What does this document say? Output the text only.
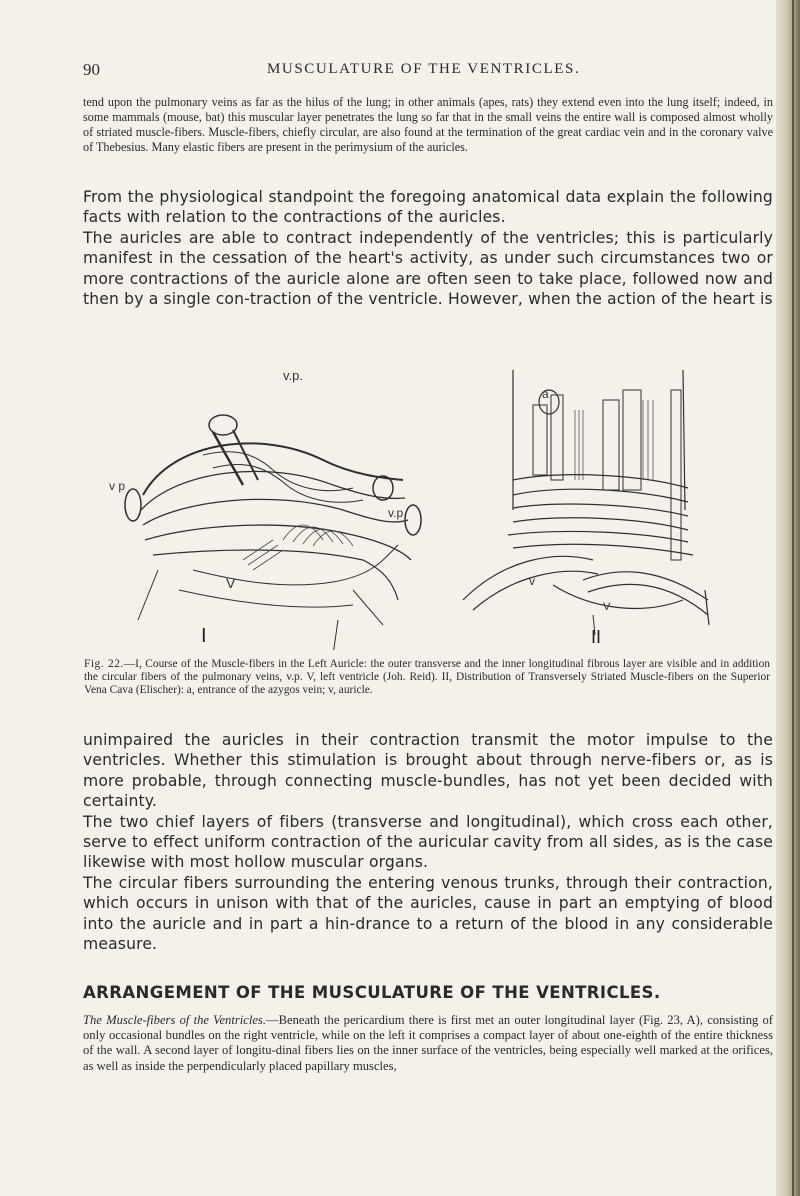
90	MUSCULATURE OF THE VENTRICLES.

tend upon the pulmonary veins as far as the hilus of the lung; in other animals (apes, rats) they extend even into the lung itself; indeed, in some mammals (mouse, bat) this muscular layer penetrates the lung so far that in the small veins the entire wall is composed almost wholly of striated muscle-fibers. Muscle-fibers, chiefly circular, are also found at the termination of the great cardiac vein and in the coronary valve of Thebesius. Many elastic fibers are present in the perimysium of the auricles.

From the physiological standpoint the foregoing anatomical data explain the following facts with relation to the contractions of the auricles.

The auricles are able to contract independently of the ventricles; this is particularly manifest in the cessation of the heart's activity, as under such circumstances two or more contractions of the auricle alone are often seen to take place, followed now and then by a single con-traction of the ventricle. However, when the action of the heart is

v.p.
v p
v.p
V
I
a
v
V
II
Fig. 22.—I, Course of the Muscle-fibers in the Left Auricle: the outer transverse and the inner longitudinal fibrous layer are visible and in addition the circular fibers of the pulmonary veins, v.p. V, left ventricle (Joh. Reid). II, Distribution of Transversely Striated Muscle-fibers on the Superior Vena Cava (Elischer): a, entrance of the azygos vein; v, auricle.

unimpaired the auricles in their contraction transmit the motor impulse to the ventricles. Whether this stimulation is brought about through nerve-fibers or, as is more probable, through connecting muscle-bundles, has not yet been decided with certainty.

The two chief layers of fibers (transverse and longitudinal), which cross each other, serve to effect uniform contraction of the auricular cavity from all sides, as is the case likewise with most hollow muscular organs.

The circular fibers surrounding the entering venous trunks, through their contraction, which occurs in unison with that of the auricles, cause in part an emptying of blood into the auricle and in part a hin-drance to a return of the blood in any considerable measure.

ARRANGEMENT OF THE MUSCULATURE OF THE VENTRICLES.

The Muscle-fibers of the Ventricles.—Beneath the pericardium there is first met an outer longitudinal layer (Fig. 23, A), consisting of only occasional bundles on the right ventricle, while on the left it comprises a compact layer of about one-eighth of the entire thickness of the wall. A second layer of longitu-dinal fibers lies on the inner surface of the ventricles, being especially well marked at the orifices, as well as inside the perpendicularly placed papillary muscles,
